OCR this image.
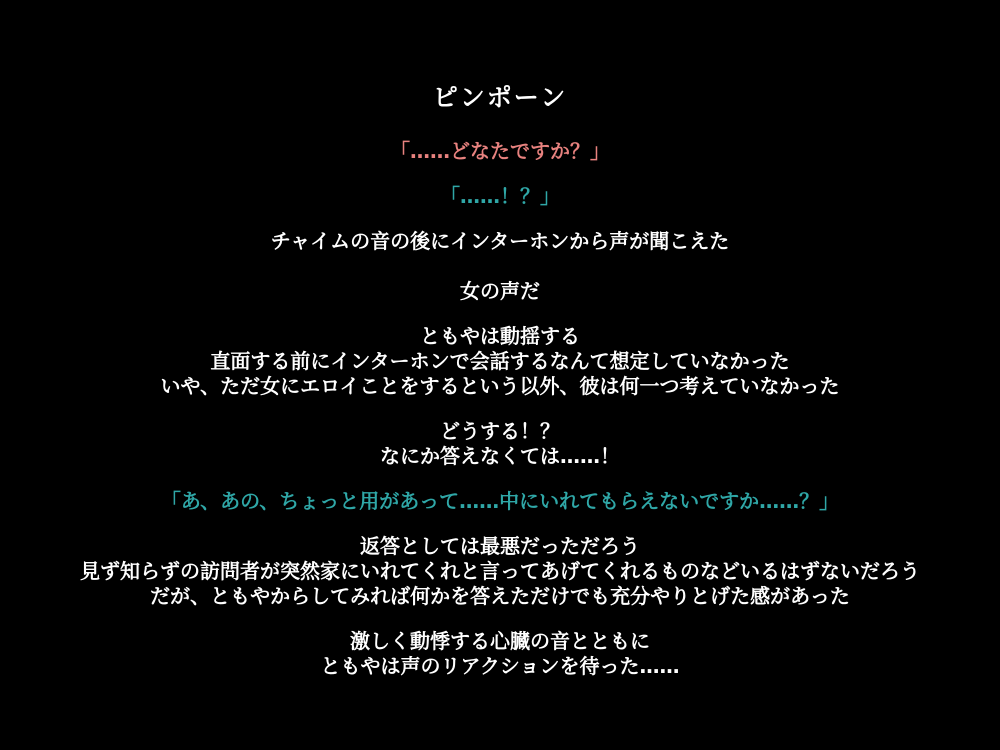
ピンポーン
「……どなたですか？」
「……！？」
チャイムの音の後にインターホンから声が聞こえた
女の声だ
ともやは動揺する
直面する前にインターホンで会話するなんて想定していなかった
いや、ただ女にエロイことをするという以外、彼は何一つ考えていなかった
どうする！？
なにか答えなくては……！
「あ、あの、ちょっと用があって……中にいれてもらえないですか……？」
返答としては最悪だっただろう
見ず知らずの訪問者が突然家にいれてくれと言ってあげてくれるものなどいるはずないだろう
だが、ともやからしてみれば何かを答えただけでも充分やりとげた感があった
激しく動悸する心臓の音とともに
ともやは声のリアクションを待った……
